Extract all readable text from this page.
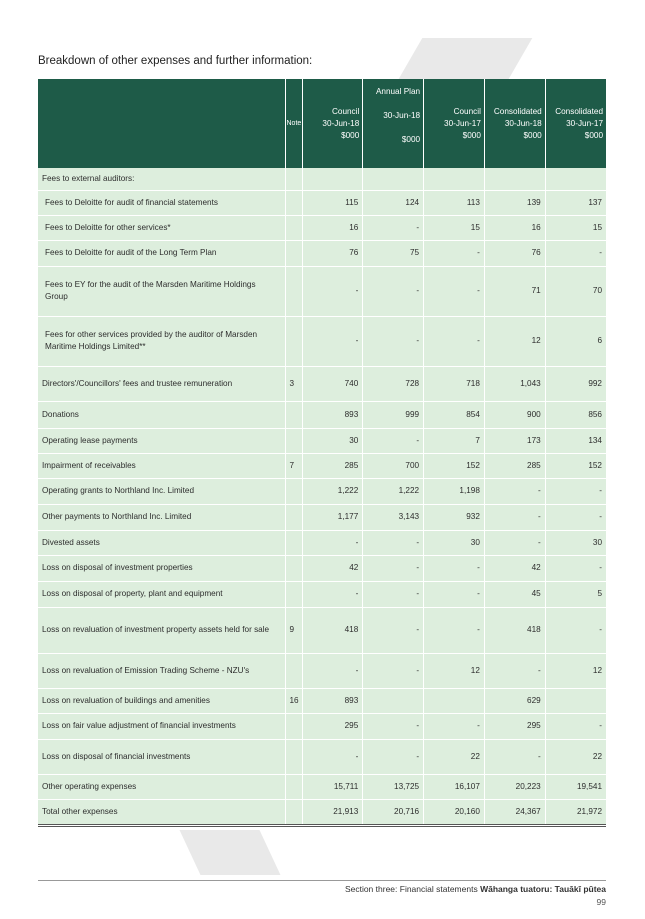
Breakdown of other expenses and further information:
	Note	Council
30-Jun-18
$000	Annual Plan
30-Jun-18
$000	Council
30-Jun-17
$000	Consolidated
30-Jun-18
$000	Consolidated
30-Jun-17
$000

Fees to external auditors:						
Fees to Deloitte for audit of financial statements		115	124	113	139	137
Fees to Deloitte for other services*		16	-	15	16	15
Fees to Deloitte for audit of the Long Term Plan		76	75	-	76	-
Fees to EY for the audit of the Marsden Maritime Holdings Group		-	-	-	71	70
Fees for other services provided by the auditor of Marsden Maritime Holdings Limited**		-	-	-	12	6
Directors'/Councillors' fees and trustee remuneration	3	740	728	718	1,043	992
Donations		893	999	854	900	856
Operating lease payments		30	-	7	173	134
Impairment of receivables	7	285	700	152	285	152
Operating grants to Northland Inc. Limited		1,222	1,222	1,198	-	-
Other payments to Northland Inc. Limited		1,177	3,143	932	-	-
Divested assets		-	-	30	-	30
Loss on disposal of investment properties		42	-	-	42	-
Loss on disposal of property, plant and equipment		-	-	-	45	5
Loss on revaluation of investment property assets held for sale	9	418	-	-	418	-
Loss on revaluation of Emission Trading Scheme - NZU's		-	-	12	-	12
Loss on revaluation of buildings and amenities	16	893			629	
Loss on fair value adjustment of financial investments		295	-	-	295	-
Loss on disposal of financial investments		-	-	22	-	22
Other operating expenses		15,711	13,725	16,107	20,223	19,541
Total other expenses		21,913	20,716	20,160	24,367	21,972
Section three: Financial statements Wāhanga tuatoru: Tauākī pūtea
99
